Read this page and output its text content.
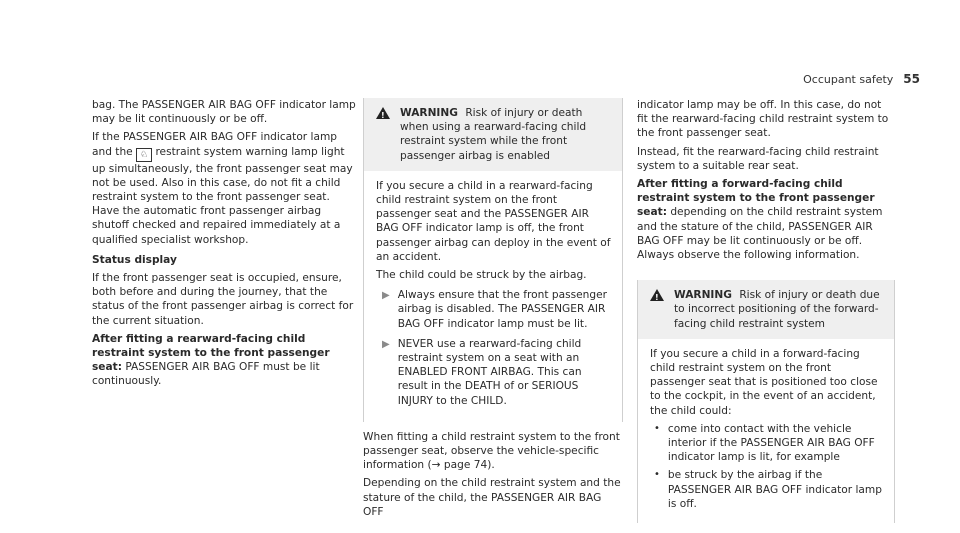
Occupant safety 55

bag. The PASSENGER AIR BAG OFF indicator lamp may be lit continuously or be off.

If the PASSENGER AIR BAG OFF indicator lamp and the ♘ restraint system warning lamp light up simultaneously, the front passenger seat may not be used. Also in this case, do not fit a child restraint system to the front passenger seat. Have the automatic front passenger airbag shutoff checked and repaired immediately at a qualified specialist workshop.

Status display

If the front passenger seat is occupied, ensure, both before and during the journey, that the status of the front passenger airbag is correct for the current situation.

After fitting a rearward-facing child restraint system to the front passenger seat: PASSENGER AIR BAG OFF must be lit continuously.

!
WARNING Risk of injury or death when using a rearward-facing child restraint system while the front passenger airbag is enabled

If you secure a child in a rearward-facing child restraint system on the front passenger seat and the PASSENGER AIR BAG OFF indicator lamp is off, the front passenger airbag can deploy in the event of an accident.

The child could be struck by the airbag.

▶ Always ensure that the front passenger airbag is disabled. The PASSENGER AIR BAG OFF indicator lamp must be lit.
▶ NEVER use a rearward-facing child restraint system on a seat with an ENABLED FRONT AIRBAG. This can result in the DEATH of or SERIOUS INJURY to the CHILD.

When fitting a child restraint system to the front passenger seat, observe the vehicle-specific information (→ page 74).

Depending on the child restraint system and the stature of the child, the PASSENGER AIR BAG OFF

indicator lamp may be off. In this case, do not fit the rearward-facing child restraint system to the front passenger seat.

Instead, fit the rearward-facing child restraint system to a suitable rear seat.

After fitting a forward-facing child restraint system to the front passenger seat: depending on the child restraint system and the stature of the child, PASSENGER AIR BAG OFF may be lit continuously or be off. Always observe the following information.

!
WARNING Risk of injury or death due to incorrect positioning of the forward-facing child restraint system

If you secure a child in a forward-facing child restraint system on the front passenger seat that is positioned too close to the cockpit, in the event of an accident, the child could:

• come into contact with the vehicle interior if the PASSENGER AIR BAG OFF indicator lamp is lit, for example
• be struck by the airbag if the PASSENGER AIR BAG OFF indicator lamp is off.
